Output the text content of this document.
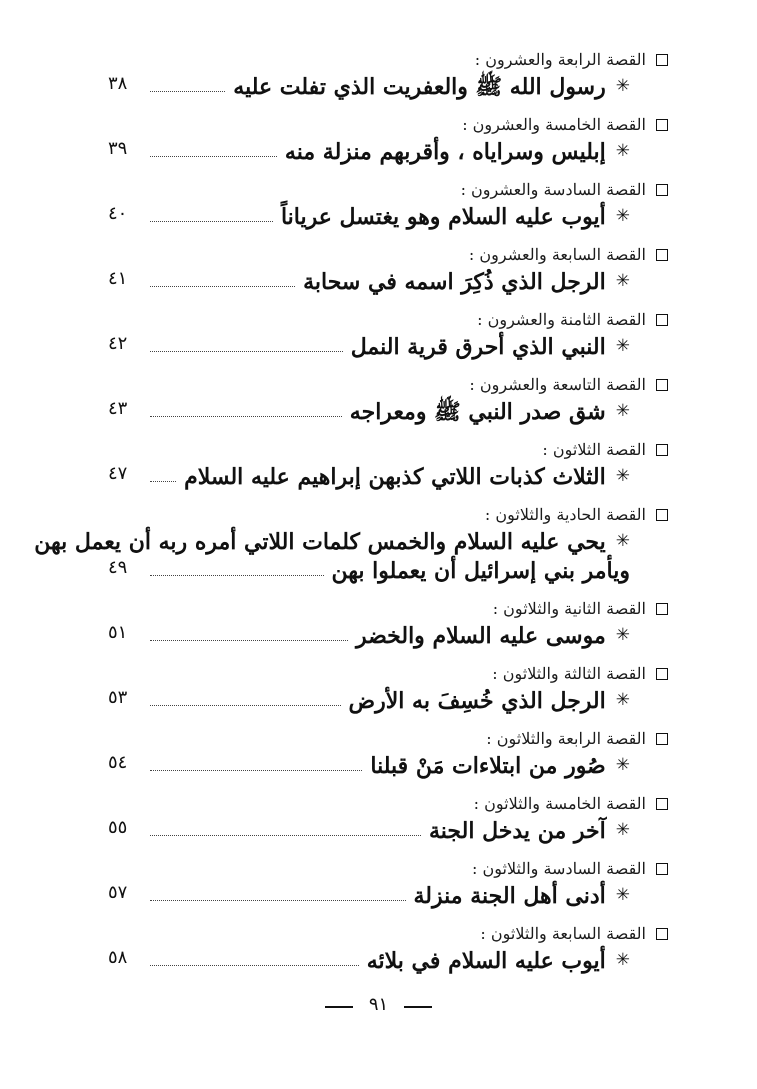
القصة الرابعة والعشرون :
✳
رسول الله ﷺ والعفريت الذي تفلت عليه
٣٨
القصة الخامسة والعشرون :
✳
إبليس وسراياه ، وأقربهم منزلة منه
٣٩
القصة السادسة والعشرون :
✳
أيوب عليه السلام وهو يغتسل عرياناً
٤٠
القصة السابعة والعشرون :
✳
الرجل الذي ذُكِرَ اسمه في سحابة
٤١
القصة الثامنة والعشرون :
✳
النبي الذي أحرق قرية النمل
٤٢
القصة التاسعة والعشرون :
✳
شق صدر النبي ﷺ ومعراجه
٤٣
القصة الثلاثون :
✳
الثلاث كذبات اللاتي كذبهن إبراهيم عليه السلام
٤٧
القصة الحادية والثلاثون :
✳
يحي عليه السلام والخمس كلمات اللاتي أمره ربه أن يعمل بهن
ويأمر بني إسرائيل أن يعملوا بهن
٤٩
القصة الثانية والثلاثون :
✳
موسى عليه السلام والخضر
٥١
القصة الثالثة والثلاثون :
✳
الرجل الذي خُسِفَ به الأرض
٥٣
القصة الرابعة والثلاثون :
✳
صُور من ابتلاءات مَنْ قبلنا
٥٤
القصة الخامسة والثلاثون :
✳
آخر من يدخل الجنة
٥٥
القصة السادسة والثلاثون :
✳
أدنى أهل الجنة منزلة
٥٧
القصة السابعة والثلاثون :
✳
أيوب عليه السلام في بلائه
٥٨
٩١
